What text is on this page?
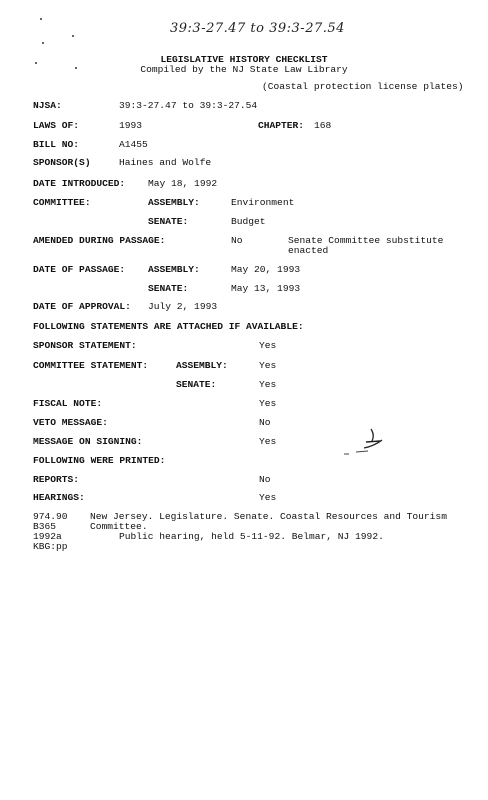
39:3-27.47 to 39:3-27.54
LEGISLATIVE HISTORY CHECKLIST
Compiled by the NJ State Law Library
(Coastal protection license plates)
NJSA:	39:3-27.47 to 39:3-27.54
LAWS OF:	1993	CHAPTER: 168
BILL NO:	A1455
SPONSOR(S)	Haines and Wolfe
DATE INTRODUCED: May 18, 1992
COMMITTEE:	ASSEMBLY:	Environment
SENATE:	Budget
AMENDED DURING PASSAGE:	No	Senate Committee substitute
enacted
DATE OF PASSAGE: ASSEMBLY:	May 20, 1993
SENATE:	May 13, 1993
DATE OF APPROVAL: July 2, 1993
FOLLOWING STATEMENTS ARE ATTACHED IF AVAILABLE:
SPONSOR STATEMENT:	Yes
COMMITTEE STATEMENT:	ASSEMBLY:	Yes
SENATE:	Yes
FISCAL NOTE:	Yes
VETO MESSAGE:	No
MESSAGE ON SIGNING:	Yes
FOLLOWING WERE PRINTED:
REPORTS:	No
HEARINGS:	Yes
974.90 New Jersey. Legislature. Senate. Coastal Resources and Tourism
B365	Committee.
1992a	Public hearing, held 5-11-92. Belmar, NJ 1992.
KBG:pp
